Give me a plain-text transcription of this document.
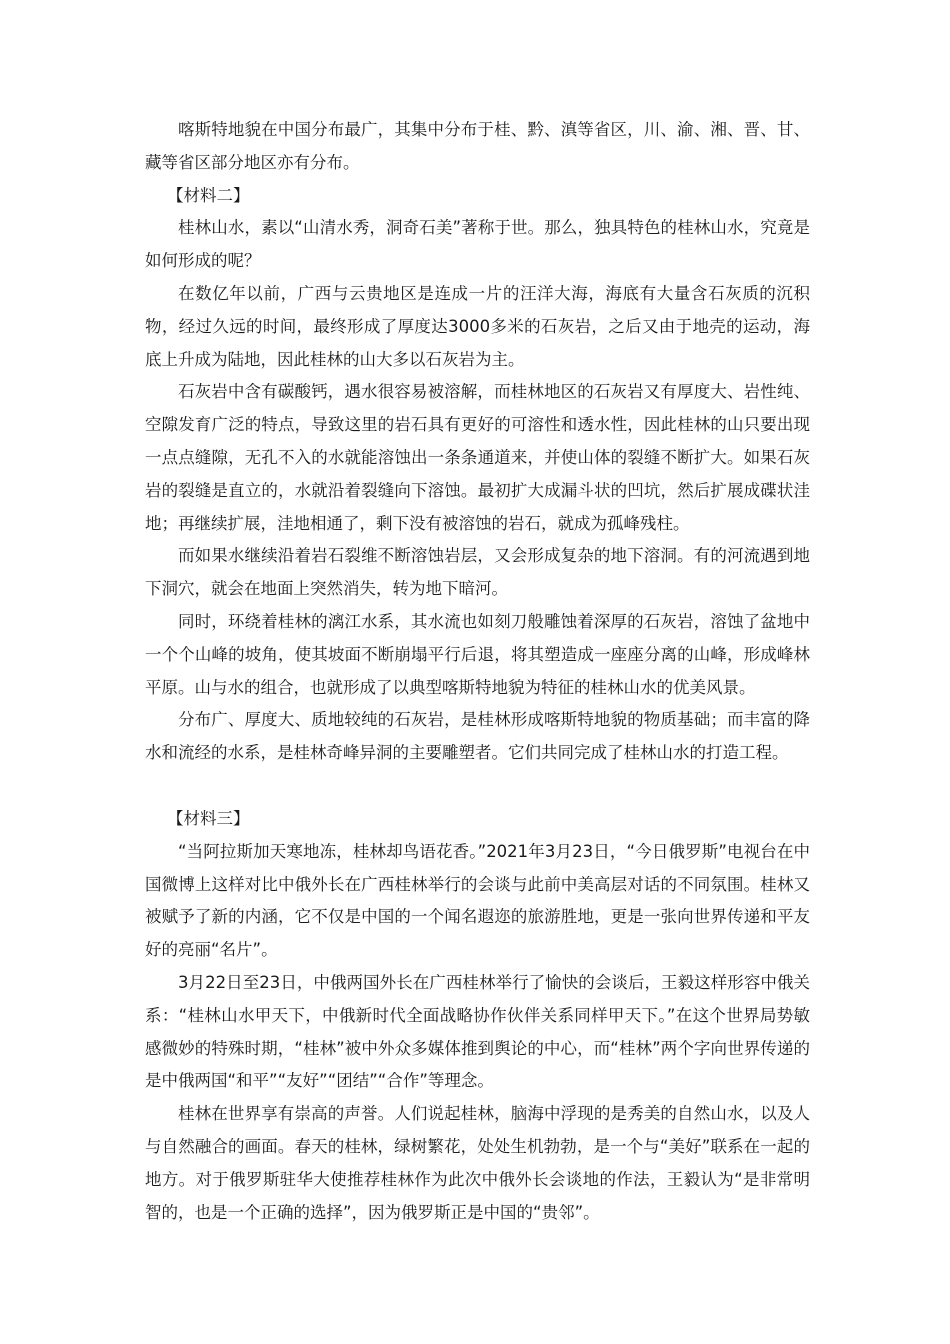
喀斯特地貌在中国分布最广，其集中分布于桂、黔、滇等省区，川、渝、湘、晋、甘、藏等省区部分地区亦有分布。

【材料二】

桂林山水，素以“山清水秀，洞奇石美”著称于世。那么，独具特色的桂林山水，究竟是如何形成的呢？

在数亿年以前，广西与云贵地区是连成一片的汪洋大海，海底有大量含石灰质的沉积物，经过久远的时间，最终形成了厚度达3000多米的石灰岩，之后又由于地壳的运动，海底上升成为陆地，因此桂林的山大多以石灰岩为主。

石灰岩中含有碳酸钙，遇水很容易被溶解，而桂林地区的石灰岩又有厚度大、岩性纯、空隙发育广泛的特点，导致这里的岩石具有更好的可溶性和透水性，因此桂林的山只要出现一点点缝隙，无孔不入的水就能溶蚀出一条条通道来，并使山体的裂缝不断扩大。如果石灰岩的裂缝是直立的，水就沿着裂缝向下溶蚀。最初扩大成漏斗状的凹坑，然后扩展成碟状洼地；再继续扩展，洼地相通了，剩下没有被溶蚀的岩石，就成为孤峰残柱。

而如果水继续沿着岩石裂维不断溶蚀岩层，又会形成复杂的地下溶洞。有的河流遇到地下洞穴，就会在地面上突然消失，转为地下暗河。

同时，环绕着桂林的漓江水系，其水流也如刻刀般雕蚀着深厚的石灰岩，溶蚀了盆地中一个个山峰的坡角，使其坡面不断崩塌平行后退，将其塑造成一座座分离的山峰，形成峰林平原。山与水的组合，也就形成了以典型喀斯特地貌为特征的桂林山水的优美风景。

分布广、厚度大、质地较纯的石灰岩，是桂林形成喀斯特地貌的物质基础；而丰富的降水和流经的水系，是桂林奇峰异洞的主要雕塑者。它们共同完成了桂林山水的打造工程。

【材料三】

“当阿拉斯加天寒地冻，桂林却鸟语花香。”2021年3月23日，“今日俄罗斯”电视台在中国微博上这样对比中俄外长在广西桂林举行的会谈与此前中美高层对话的不同氛围。桂林又被赋予了新的内涵，它不仅是中国的一个闻名遐迩的旅游胜地，更是一张向世界传递和平友好的亮丽“名片”。

3月22日至23日，中俄两国外长在广西桂林举行了愉快的会谈后，王毅这样形容中俄关系：“桂林山水甲天下，中俄新时代全面战略协作伙伴关系同样甲天下。”在这个世界局势敏感微妙的特殊时期，“桂林”被中外众多媒体推到舆论的中心，而“桂林”两个字向世界传递的是中俄两国“和平”“友好”“团结”“合作”等理念。

桂林在世界享有崇高的声誉。人们说起桂林，脑海中浮现的是秀美的自然山水，以及人与自然融合的画面。春天的桂林，绿树繁花，处处生机勃勃，是一个与“美好”联系在一起的地方。对于俄罗斯驻华大使推荐桂林作为此次中俄外长会谈地的作法，王毅认为“是非常明智的，也是一个正确的选择”，因为俄罗斯正是中国的“贵邻”。
